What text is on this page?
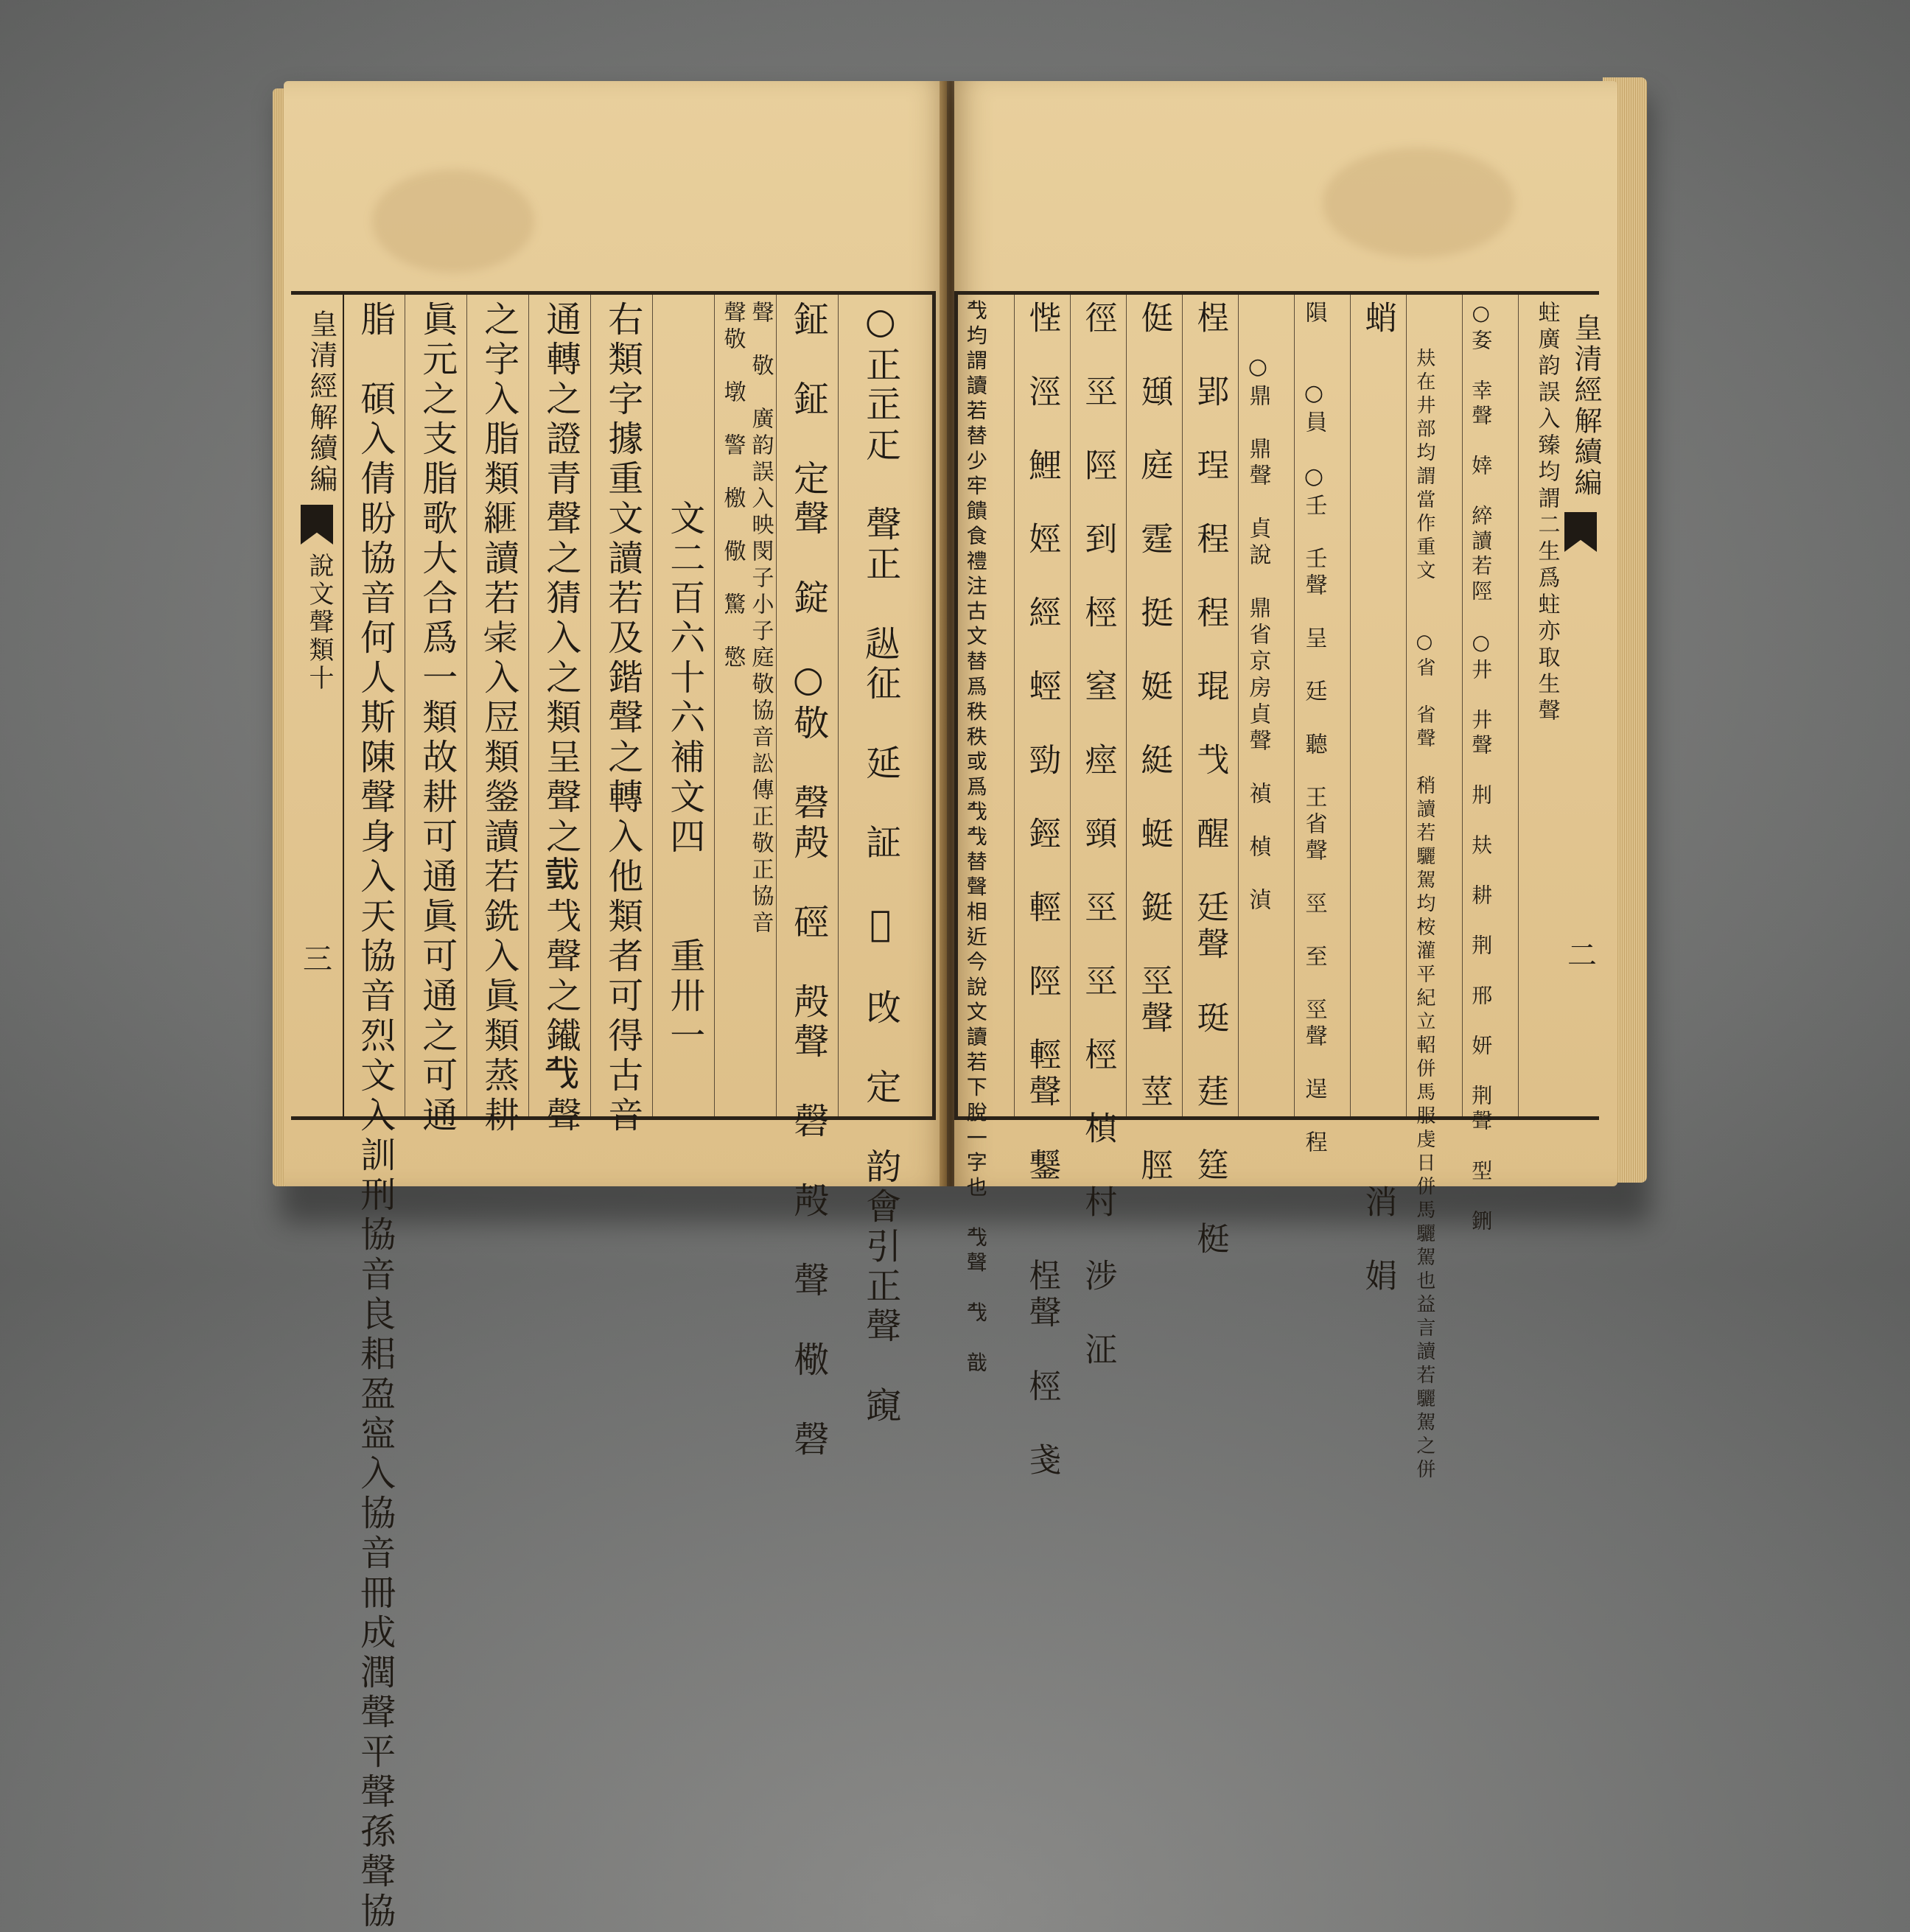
皇清經解續編
說文聲類十
三 脂　碩入倩盼協音何人斯陳聲身入天協音烈文入訓刑協音良耜盈寍入協音冊成潤聲平聲孫聲協 眞元之支脂歌大合爲一類故耕可通眞可通之可通 之字入脂類𦃄讀若𥹄入㞐類鎣讀若銑入眞類蒸耕 通轉之證青聲之猜入之類呈聲之𢧜𢦏聲之䥫𢦔聲 右類字據重文讀若及鍇聲之轉入他類者可得古音 　　　　　文二百六十六補文四　　重卅一 聲敬　墩　警　檄　儆　驚　憼 聲　敬　廣韵誤入映閔子小子庭敬協音訟傳正敬正協音 鉦　鉦　定聲　錠　○敬　磬殸　硜　殸聲　磬　殸　聲　㯳　磬 ○正㱏𤴓　聲正　𨑢征　延　証　𢿝　攺　定　韵會引正聲　竀	𢦔均謂讀若替少牢饋食禮注古文替爲秩秩或爲𢦔𢦔替聲相近今說文讀若下脫一字也　𢦔聲　𢦔　戠 悂　涇　鯉　娙　經　蛵　勁　鋞　輕　陘　輕聲　鑋　　桯聲　桱　戔 徑　巠　陘　到　桱　窒　痙　頸　巠　巠　桱　楨　村　涉　泟 侹　頲　庭　霆　挺　娗　綎　蜓　鋌　巠聲　莖　脛 桯　郢　珵　程　程　琨　𢦏　醒　廷聲　珽　莛　筳　梃 　　○鼎　鼎聲　貞說　鼎省京房貞聲　禎　楨　湞 隕　　○員　○壬　壬聲　呈　廷　聽　王省聲　巠　至　巠聲　逞　程 蛸　　　　　　　　　　　　　　　　　　　　　　　消　娟 　　㚘在井部均謂當作重文　　○省　省聲　稍讀若驪駕均桉灌平紀立軺併馬服虔日併馬驪駕也益言讀若驪駕之併 ○㚣　幸聲　婞　綷讀若陘　○井　井聲　㓝　㚘　耕　荆　邢　妍　荆聲　型　鉶 蛀廣韵誤入臻均謂二生爲蛀亦取生聲 皇清經解續編
二
